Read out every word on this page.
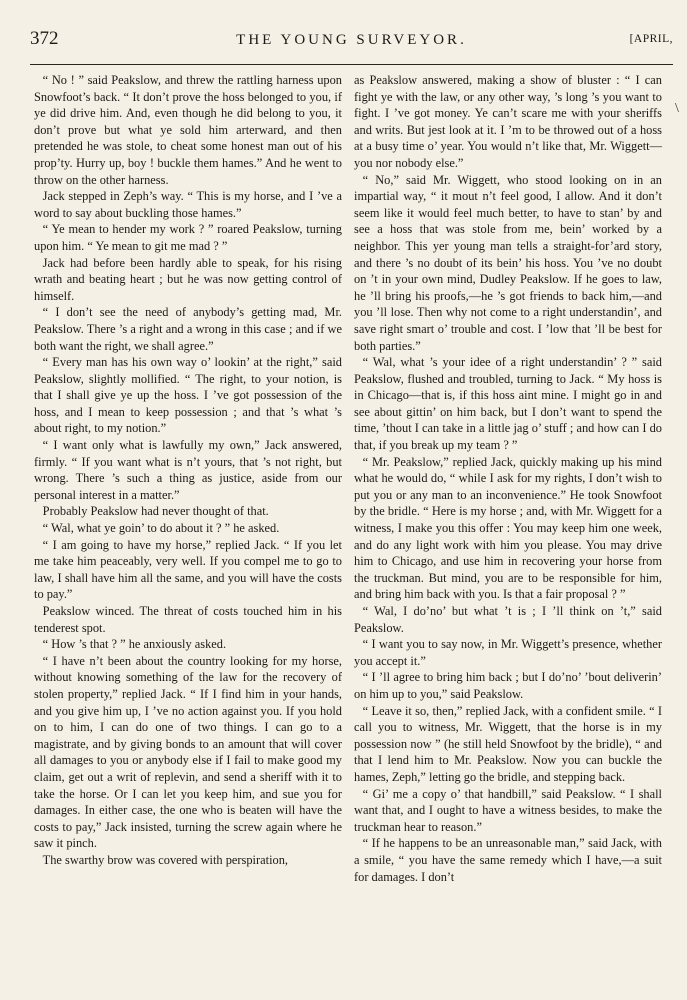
372	THE YOUNG SURVEYOR.	[APRIL,

“ No ! ” said Peakslow, and threw the rattling harness upon Snowfoot’s back. “ It don’t prove the hoss belonged to you, if ye did drive him. And, even though he did belong to you, it don’t prove but what ye sold him arterward, and then pretended he was stole, to cheat some honest man out of his prop’ty. Hurry up, boy ! buckle them hames.” And he went to throw on the other harness.

Jack stepped in Zeph’s way. “ This is my horse, and I ’ve a word to say about buckling those hames.”

“ Ye mean to hender my work ? ” roared Peakslow, turning upon him. “ Ye mean to git me mad ? ”

Jack had before been hardly able to speak, for his rising wrath and beating heart ; but he was now getting control of himself.

“ I don’t see the need of anybody’s getting mad, Mr. Peakslow. There ’s a right and a wrong in this case ; and if we both want the right, we shall agree.”

“ Every man has his own way o’ lookin’ at the right,” said Peakslow, slightly mollified. “ The right, to your notion, is that I shall give ye up the hoss. I ’ve got possession of the hoss, and I mean to keep possession ; and that ’s what ’s about right, to my notion.”

“ I want only what is lawfully my own,” Jack answered, firmly. “ If you want what is n’t yours, that ’s not right, but wrong. There ’s such a thing as justice, aside from our personal interest in a matter.”

Probably Peakslow had never thought of that.

“ Wal, what ye goin’ to do about it ? ” he asked.

“ I am going to have my horse,” replied Jack. “ If you let me take him peaceably, very well. If you compel me to go to law, I shall have him all the same, and you will have the costs to pay.”

Peakslow winced. The threat of costs touched him in his tenderest spot.

“ How ’s that ? ” he anxiously asked.

“ I have n’t been about the country looking for my horse, without knowing something of the law for the recovery of stolen property,” replied Jack. “ If I find him in your hands, and you give him up, I ’ve no action against you. If you hold on to him, I can do one of two things. I can go to a magistrate, and by giving bonds to an amount that will cover all damages to you or anybody else if I fail to make good my claim, get out a writ of replevin, and send a sheriff with it to take the horse. Or I can let you keep him, and sue you for damages. In either case, the one who is beaten will have the costs to pay,” Jack insisted, turning the screw again where he saw it pinch.

The swarthy brow was covered with perspiration,

as Peakslow answered, making a show of bluster : “ I can fight ye with the law, or any other way, ’s long ’s you want to fight. I ’ve got money. Ye can’t scare me with your sheriffs and writs. But jest look at it. I ’m to be throwed out of a hoss at a busy time o’ year. You would n’t like that, Mr. Wiggett—you nor nobody else.”

“ No,” said Mr. Wiggett, who stood looking on in an impartial way, “ it mout n’t feel good, I allow. And it don’t seem like it would feel much better, to have to stan’ by and see a hoss that was stole from me, bein’ worked by a neighbor. This yer young man tells a straight-for’ard story, and there ’s no doubt of its bein’ his hoss. You ’ve no doubt on ’t in your own mind, Dudley Peakslow. If he goes to law, he ’ll bring his proofs,—he ’s got friends to back him,—and you ’ll lose. Then why not come to a right understandin’, and save right smart o’ trouble and cost. I ’low that ’ll be best for both parties.”

“ Wal, what ’s your idee of a right understandin’ ? ” said Peakslow, flushed and troubled, turning to Jack. “ My hoss is in Chicago—that is, if this hoss aint mine. I might go in and see about gittin’ on him back, but I don’t want to spend the time, ’thout I can take in a little jag o’ stuff ; and how can I do that, if you break up my team ? ”

“ Mr. Peakslow,” replied Jack, quickly making up his mind what he would do, “ while I ask for my rights, I don’t wish to put you or any man to an inconvenience.” He took Snowfoot by the bridle. “ Here is my horse ; and, with Mr. Wiggett for a witness, I make you this offer : You may keep him one week, and do any light work with him you please. You may drive him to Chicago, and use him in recovering your horse from the truckman. But mind, you are to be responsible for him, and bring him back with you. Is that a fair proposal ? ”

“ Wal, I do’no’ but what ’t is ; I ’ll think on ’t,” said Peakslow.

“ I want you to say now, in Mr. Wiggett’s presence, whether you accept it.”

“ I ’ll agree to bring him back ; but I do’no’ ’bout deliverin’ on him up to you,” said Peakslow.

“ Leave it so, then,” replied Jack, with a confident smile. “ I call you to witness, Mr. Wiggett, that the horse is in my possession now ” (he still held Snowfoot by the bridle), “ and that I lend him to Mr. Peakslow. Now you can buckle the hames, Zeph,” letting go the bridle, and stepping back.

“ Gi’ me a copy o’ that handbill,” said Peakslow. “ I shall want that, and I ought to have a witness besides, to make the truckman hear to reason.”

“ If he happens to be an unreasonable man,” said Jack, with a smile, “ you have the same remedy which I have,—a suit for damages. I don’t

\
